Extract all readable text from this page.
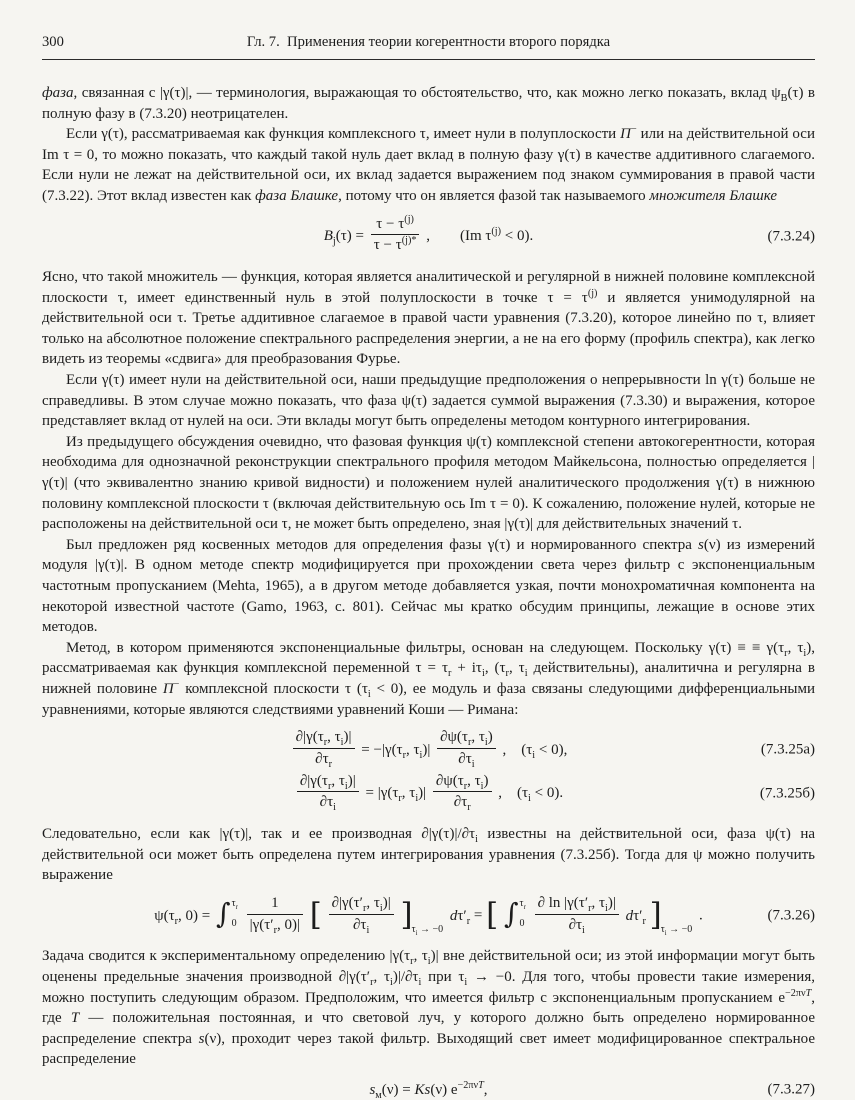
300	Гл. 7. Применения теории когерентности второго порядка

фаза, связанная с |γ(τ)|, — терминология, выражающая то обстоятельство, что, как можно легко показать, вклад $\psi_B(\tau)$ в полную фазу в (7.3.20) неотрицателен.

Если γ(τ), рассматриваемая как функция комплексного τ, имеет нули в полуплоскости Π− или на действительной оси Im τ = 0, то можно показать, что каждый такой нуль дает вклад в полную фазу γ(τ) в качестве аддитивного слагаемого. Если нули не лежат на действительной оси, их вклад задается выражением под знаком суммирования в правой части (7.3.22). Этот вклад известен как фаза Блашке, потому что он является фазой так называемого множителя Блашке

$B_j(\tau) = \frac{\tau - \tau^{(j)}}{\tau - \tau^{(j)*}}$ ,  (Im $\tau^{(j)} < 0$).	(7.3.24)

Ясно, что такой множитель — функция, которая является аналитической и регулярной в нижней половине комплексной плоскости τ, имеет единственный нуль в этой полуплоскости в точке $\tau = \tau^{(j)}$ и является унимодулярной на действительной оси τ. Третье аддитивное слагаемое в правой части уравнения (7.3.20), которое линейно по τ, влияет только на абсолютное положение спектрального распределения энергии, а не на его форму (профиль спектра), как легко видеть из теоремы «сдвига» для преобразования Фурье.

Если γ(τ) имеет нули на действительной оси, наши предыдущие предположения о непрерывности ln γ(τ) больше не справедливы. В этом случае можно показать, что фаза ψ(τ) задается суммой выражения (7.3.30) и выражения, которое представляет вклад от нулей на оси. Эти вклады могут быть определены методом контурного интегрирования.

Из предыдущего обсуждения очевидно, что фазовая функция ψ(τ) комплексной степени автокогерентности, которая необходима для однозначной реконструкции спектрального профиля методом Майкельсона, полностью определяется |γ(τ)| (что эквивалентно знанию кривой видности) и положением нулей аналитического продолжения γ(τ) в нижнюю половину комплексной плоскости τ (включая действительную ось Im τ = 0). К сожалению, положение нулей, которые не расположены на действительной оси τ, не может быть определено, зная |γ(τ)| для действительных значений τ.

Был предложен ряд косвенных методов для определения фазы γ(τ) и нормированного спектра s(ν) из измерений модуля |γ(τ)|. В одном методе спектр модифицируется при прохождении света через фильтр с экспоненциальным частотным пропусканием (Mehta, 1965), а в другом методе добавляется узкая, почти монохроматичная компонента на некоторой известной частоте (Gamo, 1963, с. 801). Сейчас мы кратко обсудим принципы, лежащие в основе этих методов.

Метод, в котором применяются экспоненциальные фильтры, основан на следующем. Поскольку γ(τ) ≡ ≡ $\gamma(\tau_r$, $\tau_i$), рассматриваемая как функция комплексной переменной $\tau = \tau_r + i\tau_i$, ($\tau_r$, $\tau_i$ действительны), аналитична и регулярна в нижней половине Π− комплексной плоскости τ $(\tau_i < 0)$, ее модуль и фаза связаны следующими дифференциальными уравнениями, которые являются следствиями уравнений Коши — Римана:

$\frac{\partial|\gamma(\tau_r, \tau_i)|}{\partial\tau_r} = -|\gamma(\tau_r$, $\tau_i)| \frac{\partial\psi(\tau_r, \tau_i)}{\partial\tau_i}$ , $(\tau_i < 0)$,	(7.3.25а)
$\frac{\partial|\gamma(\tau_r, \tau_i)|}{\partial\tau_i} = |\gamma(\tau_r$, $\tau_i)| \frac{\partial\psi(\tau_r, \tau_i)}{\partial\tau_r}$ , $(\tau_i < 0)$.	(7.3.25б)

Следовательно, если как |γ(τ)|, так и ее производная $\partial|\gamma(\tau)|/\partial\tau_i$ известны на действительной оси, фаза ψ(τ) на действительной оси может быть определена путем интегрирования уравнения (7.3.25б). Тогда для ψ можно получить выражение

$\psi(\tau_r$, 0) = ∫ $\tau_r$
0
$\frac{1}{|\gamma(\tau'_r, 0)|}$ [ $\frac{\partial|\gamma(\tau'_r, \tau_i)|}{\partial\tau_i} ]_{\tau_i \to -0}$ $d\tau'_r$ = [ ∫ $\tau_r$
0
$\frac{\partial \ln |\gamma(\tau'_r, \tau_i)|}{\partial\tau_i} d\tau'_r$ ]$_{\tau_i \to -0}$ .	(7.3.26)

Задача сводится к экспериментальному определению $|\gamma(\tau_r$, $\tau_i)|$ вне действительной оси; из этой информации могут быть оценены предельные значения производной $\partial|\gamma(\tau'_r$, $\tau_i)|/\partial\tau_i$ при $\tau_i \to -0$. Для того, чтобы провести такие измерения, можно поступить следующим образом. Предположим, что имеется фильтр с экспоненциальным пропусканием $e^{-2\pi\nu T}$, где T — положительная постоянная, и что световой луч, у которого должно быть определено нормированное распределение спектра s(ν), проходит через такой фильтр. Выходящий свет имеет модифицированное спектральное распределение

$s_м(\nu) = Ks(\nu)$ $e^{-2\pi\nu T}$,	(7.3.27)
